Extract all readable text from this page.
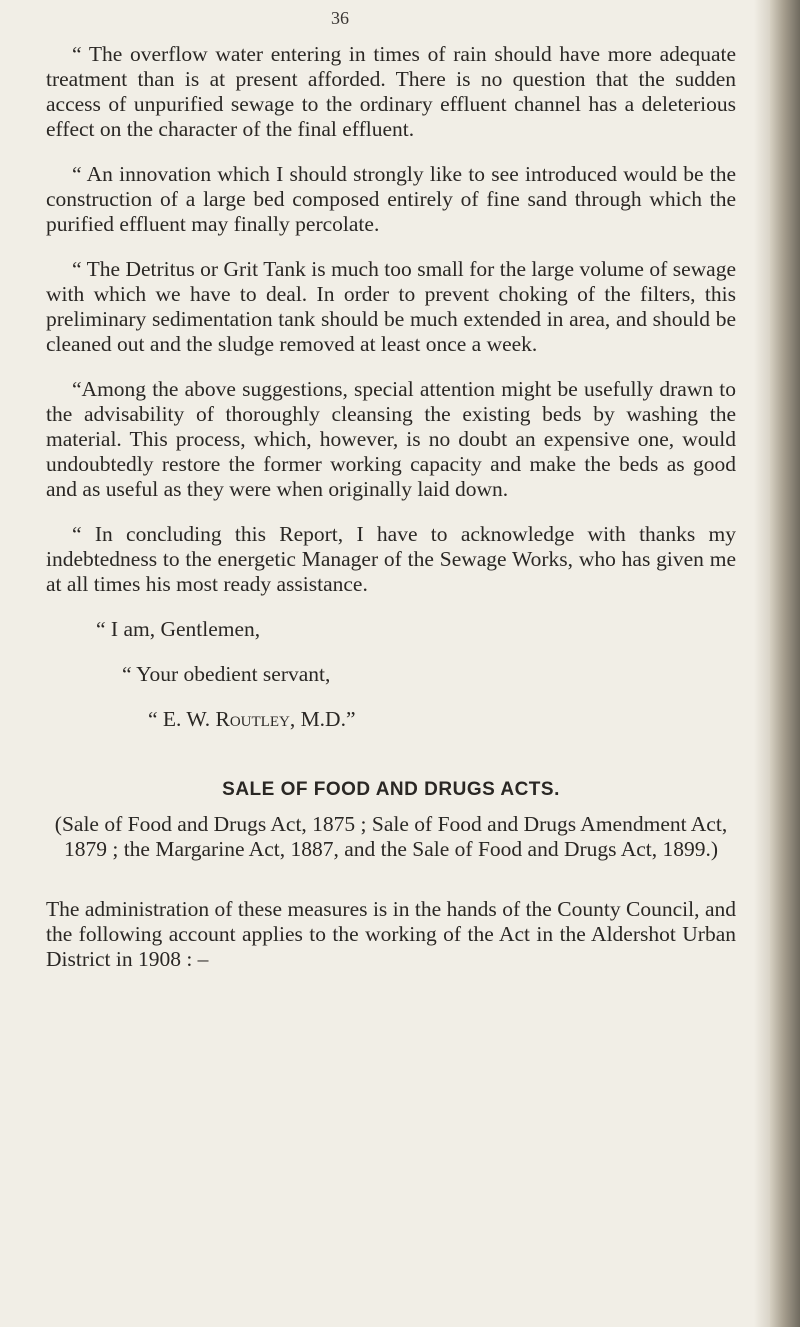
36

“ The overflow water entering in times of rain should have more adequate treatment than is at present afforded. There is no question that the sudden access of unpurified sewage to the ordinary effluent channel has a deleterious effect on the character of the final effluent.

“ An innovation which I should strongly like to see introduced would be the construction of a large bed composed entirely of fine sand through which the purified effluent may finally percolate.

“ The Detritus or Grit Tank is much too small for the large volume of sewage with which we have to deal. In order to prevent choking of the filters, this preliminary sedimentation tank should be much extended in area, and should be cleaned out and the sludge removed at least once a week.

“Among the above suggestions, special attention might be usefully drawn to the advisability of thoroughly cleansing the existing beds by washing the material. This process, which, however, is no doubt an expensive one, would undoubtedly restore the former working capacity and make the beds as good and as useful as they were when originally laid down.

“ In concluding this Report, I have to acknowledge with thanks my indebtedness to the energetic Manager of the Sewage Works, who has given me at all times his most ready assistance.

“ I am, Gentlemen,
“ Your obedient servant,
“ E. W. Routley, M.D.”
SALE OF FOOD AND DRUGS ACTS.

(Sale of Food and Drugs Act, 1875 ; Sale of Food and Drugs Amendment Act, 1879 ; the Margarine Act, 1887, and the Sale of Food and Drugs Act, 1899.)

The administration of these measures is in the hands of the County Council, and the following account applies to the working of the Act in the Aldershot Urban District in 1908 : –
